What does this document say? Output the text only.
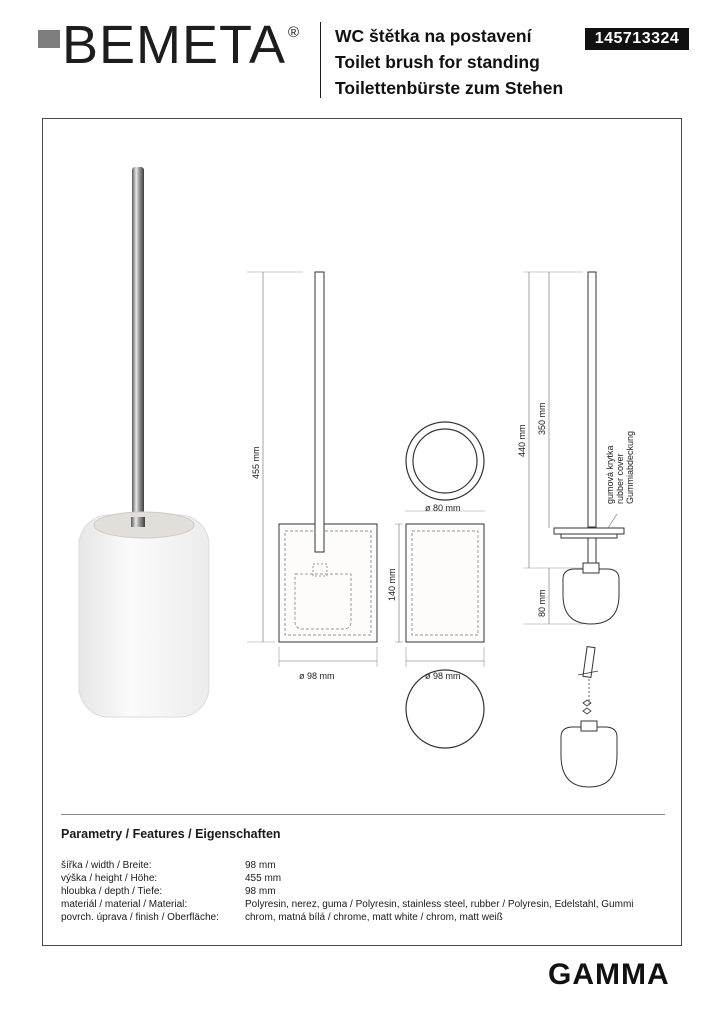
BEMETA ® WC štětka na postavení
Toilet brush for standing
Toilettenbürste zum Stehen
145713324
455 mm
ø 98 mm
ø 80 mm
140 mm
ø 98 mm
440 mm
350 mm
80 mm
gumová krytka rubber cover Gummiabdeckung
Parametry / Features / Eigenschaften
šířka / width / Breite:	98 mm
výška / height / Höhe:	455 mm
hloubka / depth / Tiefe:	98 mm
materiál / material / Material:	Polyresin, nerez, guma / Polyresin, stainless steel, rubber / Polyresin, Edelstahl, Gummi
povrch. úprava / finish / Oberfläche:	chrom, matná bílá / chrome, matt white / chrom, matt weiß
GAMMA
